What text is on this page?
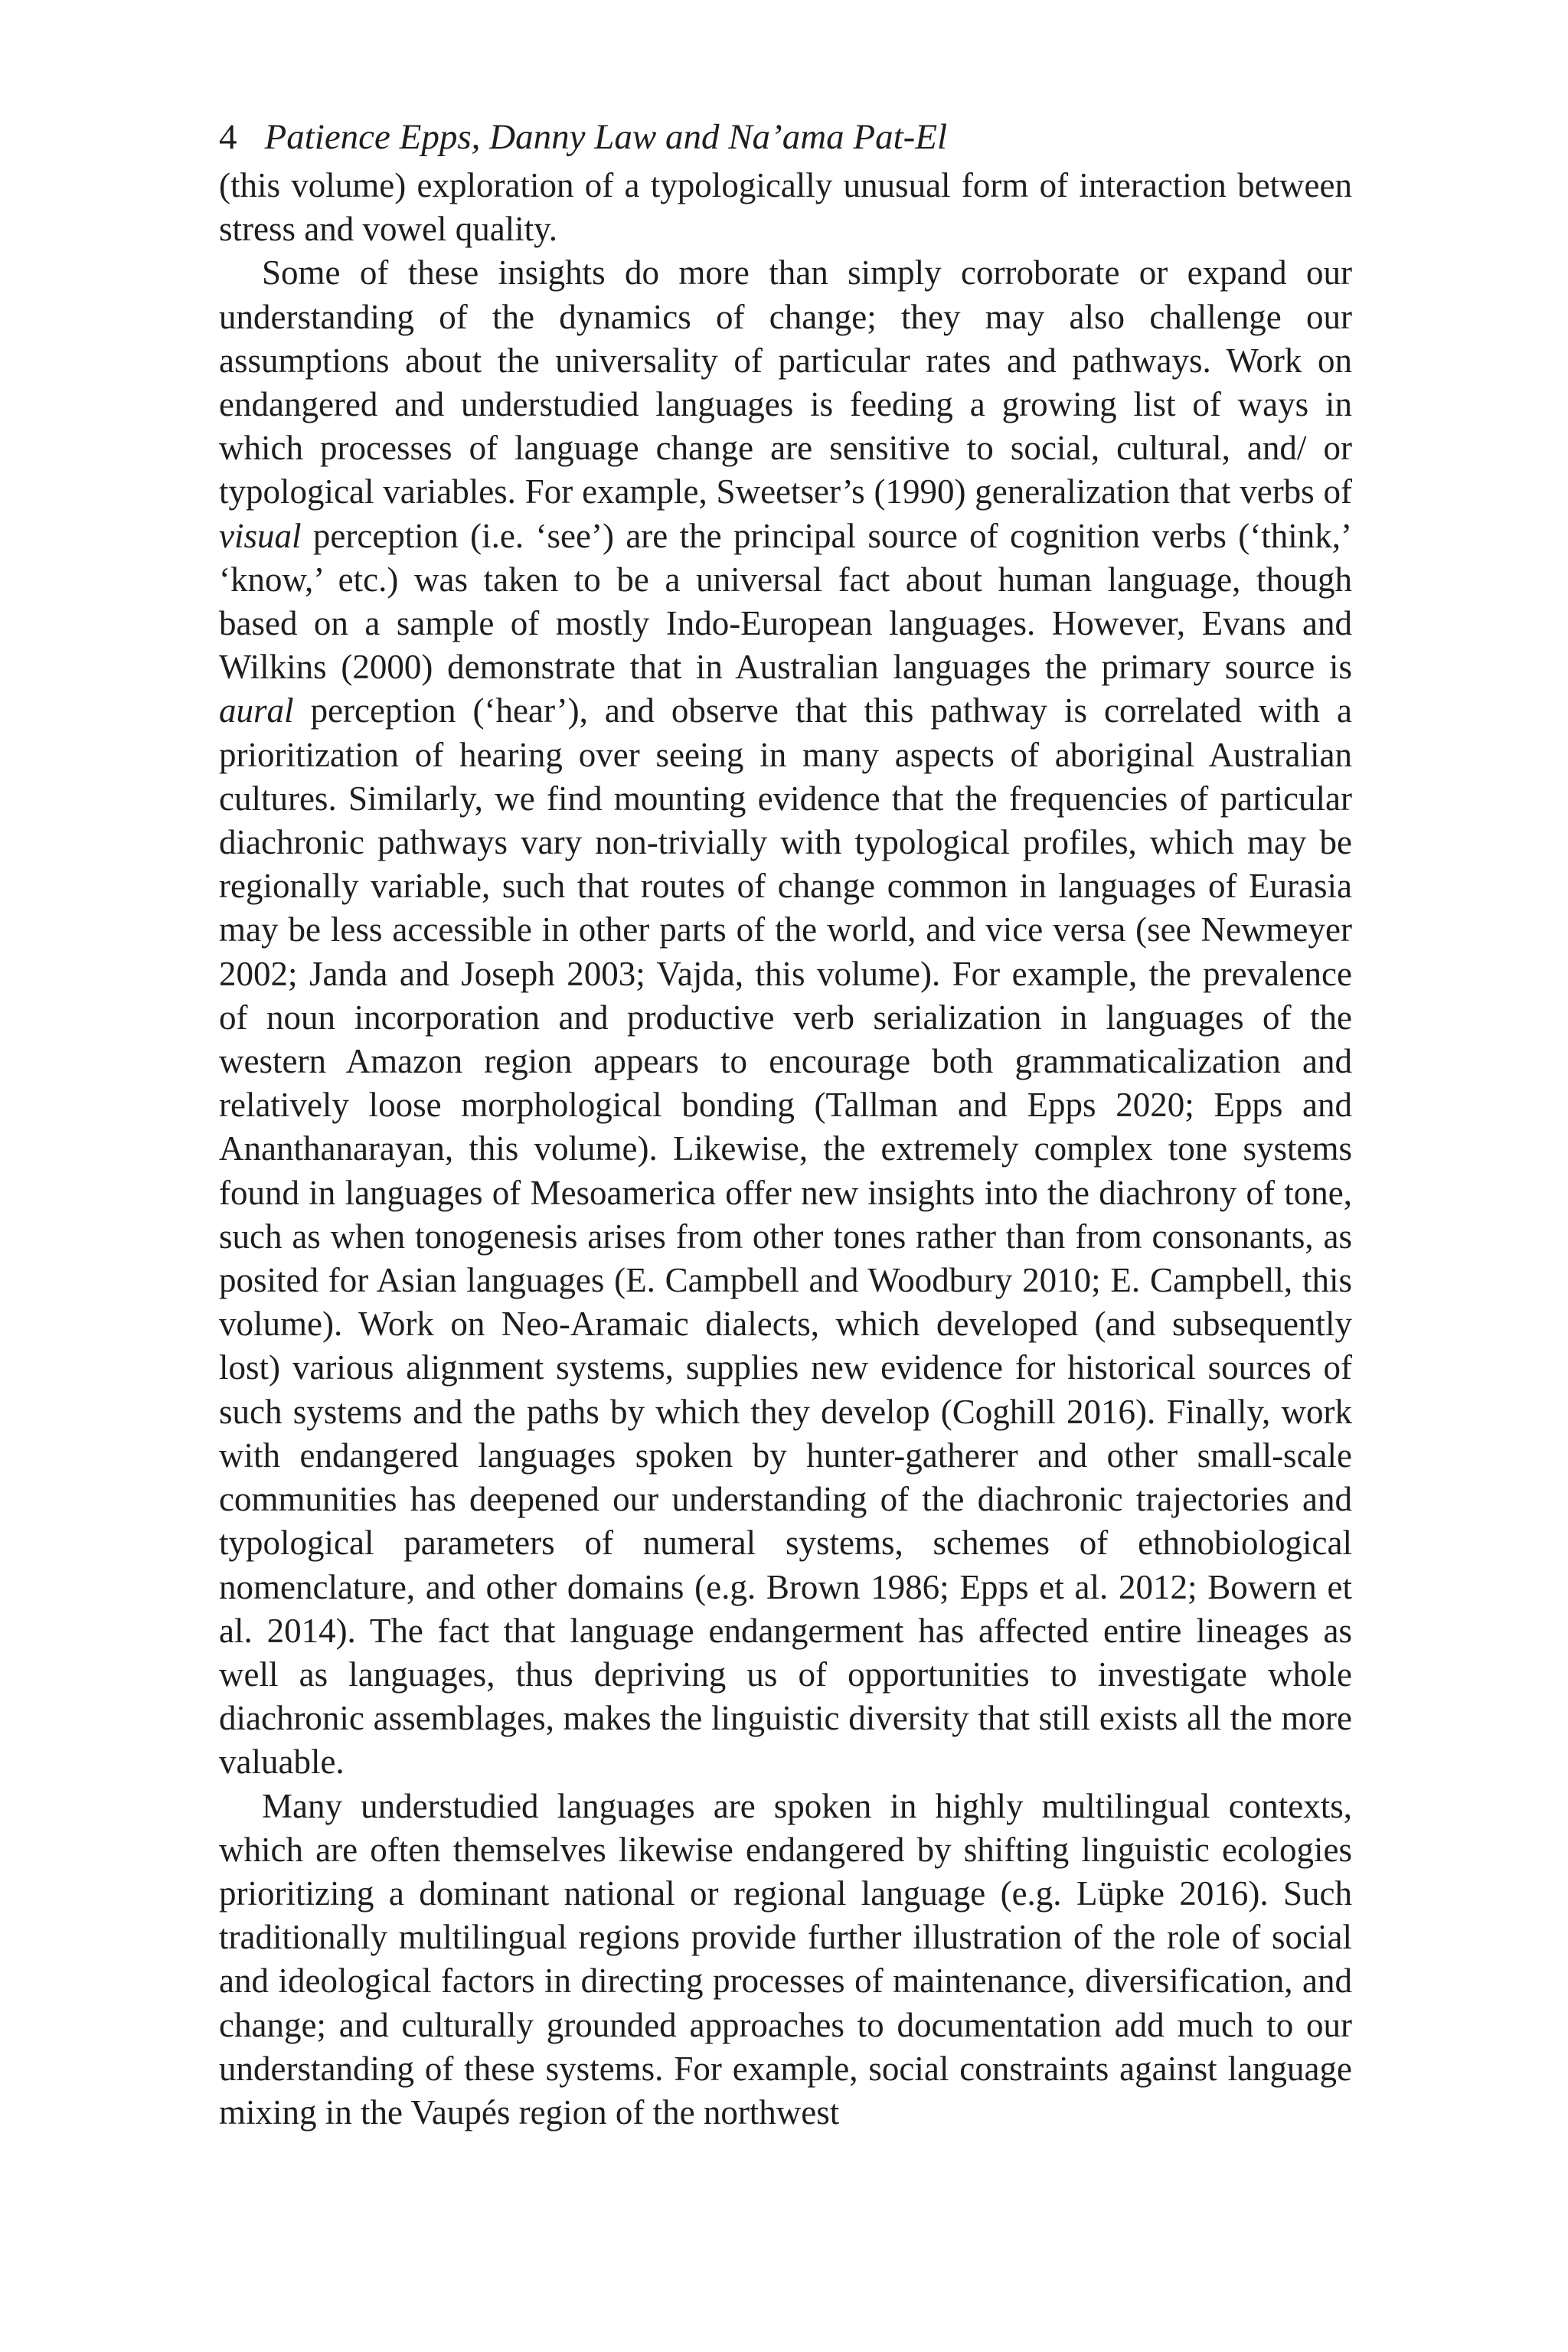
4 Patience Epps, Danny Law and Na’ama Pat-El

(this volume) exploration of a typologically unusual form of interaction between stress and vowel quality.

Some of these insights do more than simply corroborate or expand our understanding of the dynamics of change; they may also challenge our assumptions about the universality of particular rates and pathways. Work on endangered and understudied languages is feeding a growing list of ways in which processes of language change are sensitive to social, cultural, and/ or typological variables. For example, Sweetser’s (1990) generalization that verbs of visual perception (i.e. ‘see’) are the principal source of cognition verbs (‘think,’ ‘know,’ etc.) was taken to be a universal fact about human language, though based on a sample of mostly Indo-European languages. However, Evans and Wilkins (2000) demonstrate that in Australian languages the primary source is aural perception (‘hear’), and observe that this pathway is correlated with a prioritization of hearing over seeing in many aspects of aboriginal Australian cultures. Similarly, we find mounting evidence that the frequencies of particular diachronic pathways vary non-trivially with typological profiles, which may be regionally variable, such that routes of change common in languages of Eurasia may be less accessible in other parts of the world, and vice versa (see Newmeyer 2002; Janda and Joseph 2003; Vajda, this volume). For example, the prevalence of noun incorporation and productive verb serialization in languages of the western Amazon region appears to encourage both grammaticalization and relatively loose morphological bonding (Tallman and Epps 2020; Epps and Ananthanarayan, this volume). Likewise, the extremely complex tone systems found in languages of Mesoamerica offer new insights into the diachrony of tone, such as when tonogenesis arises from other tones rather than from consonants, as posited for Asian languages (E. Campbell and Woodbury 2010; E. Campbell, this volume). Work on Neo-Aramaic dialects, which developed (and subsequently lost) various alignment systems, supplies new evidence for historical sources of such systems and the paths by which they develop (Coghill 2016). Finally, work with endangered languages spoken by hunter-gatherer and other small-scale communities has deepened our understanding of the diachronic trajectories and typological parameters of numeral systems, schemes of ethnobiological nomenclature, and other domains (e.g. Brown 1986; Epps et al. 2012; Bowern et al. 2014). The fact that language endangerment has affected entire lineages as well as languages, thus depriving us of opportunities to investigate whole diachronic assemblages, makes the linguistic diversity that still exists all the more valuable.

Many understudied languages are spoken in highly multilingual contexts, which are often themselves likewise endangered by shifting linguistic ecologies prioritizing a dominant national or regional language (e.g. Lüpke 2016). Such traditionally multilingual regions provide further illustration of the role of social and ideological factors in directing processes of maintenance, diversification, and change; and culturally grounded approaches to documentation add much to our understanding of these systems. For example, social constraints against language mixing in the Vaupés region of the northwest
